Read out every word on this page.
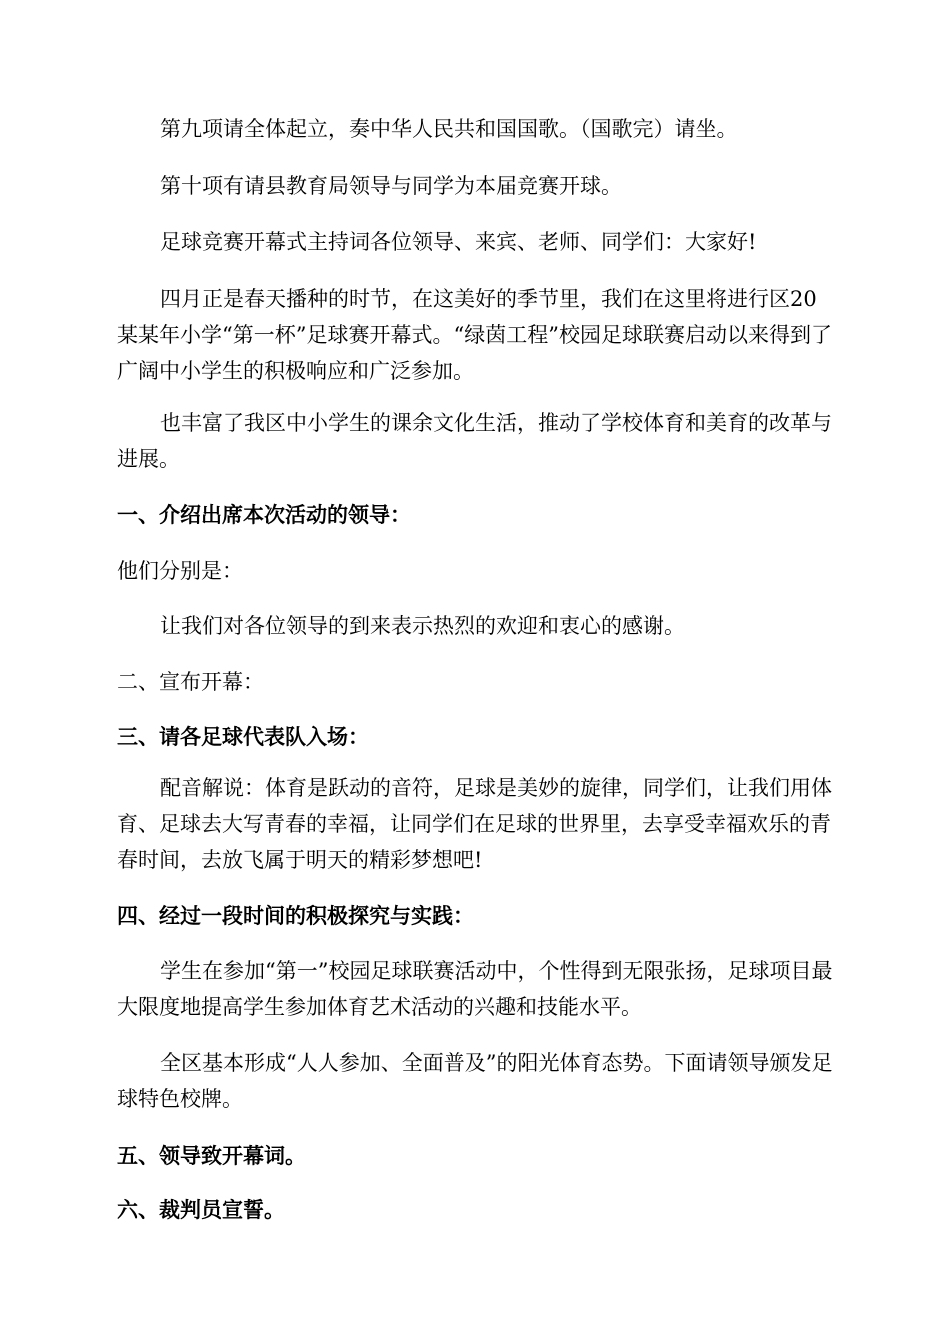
第九项请全体起立，奏中华人民共和国国歌。（国歌完）请坐。

第十项有请县教育局领导与同学为本届竞赛开球。

足球竞赛开幕式主持词各位领导、来宾、老师、同学们：大家好!

四月正是春天播种的时节，在这美好的季节里，我们在这里将进行区20某某年小学“第一杯”足球赛开幕式。“绿茵工程”校园足球联赛启动以来得到了广阔中小学生的积极响应和广泛参加。

也丰富了我区中小学生的课余文化生活，推动了学校体育和美育的改革与进展。

一、介绍出席本次活动的领导：

他们分别是：

让我们对各位领导的到来表示热烈的欢迎和衷心的感谢。

二、宣布开幕：

三、请各足球代表队入场：

配音解说：体育是跃动的音符，足球是美妙的旋律，同学们，让我们用体育、足球去大写青春的幸福，让同学们在足球的世界里，去享受幸福欢乐的青春时间，去放飞属于明天的精彩梦想吧!

四、经过一段时间的积极探究与实践：

学生在参加“第一”校园足球联赛活动中，个性得到无限张扬，足球项目最大限度地提高学生参加体育艺术活动的兴趣和技能水平。

全区基本形成“人人参加、全面普及”的阳光体育态势。下面请领导颁发足球特色校牌。

五、领导致开幕词。

六、裁判员宣誓。
